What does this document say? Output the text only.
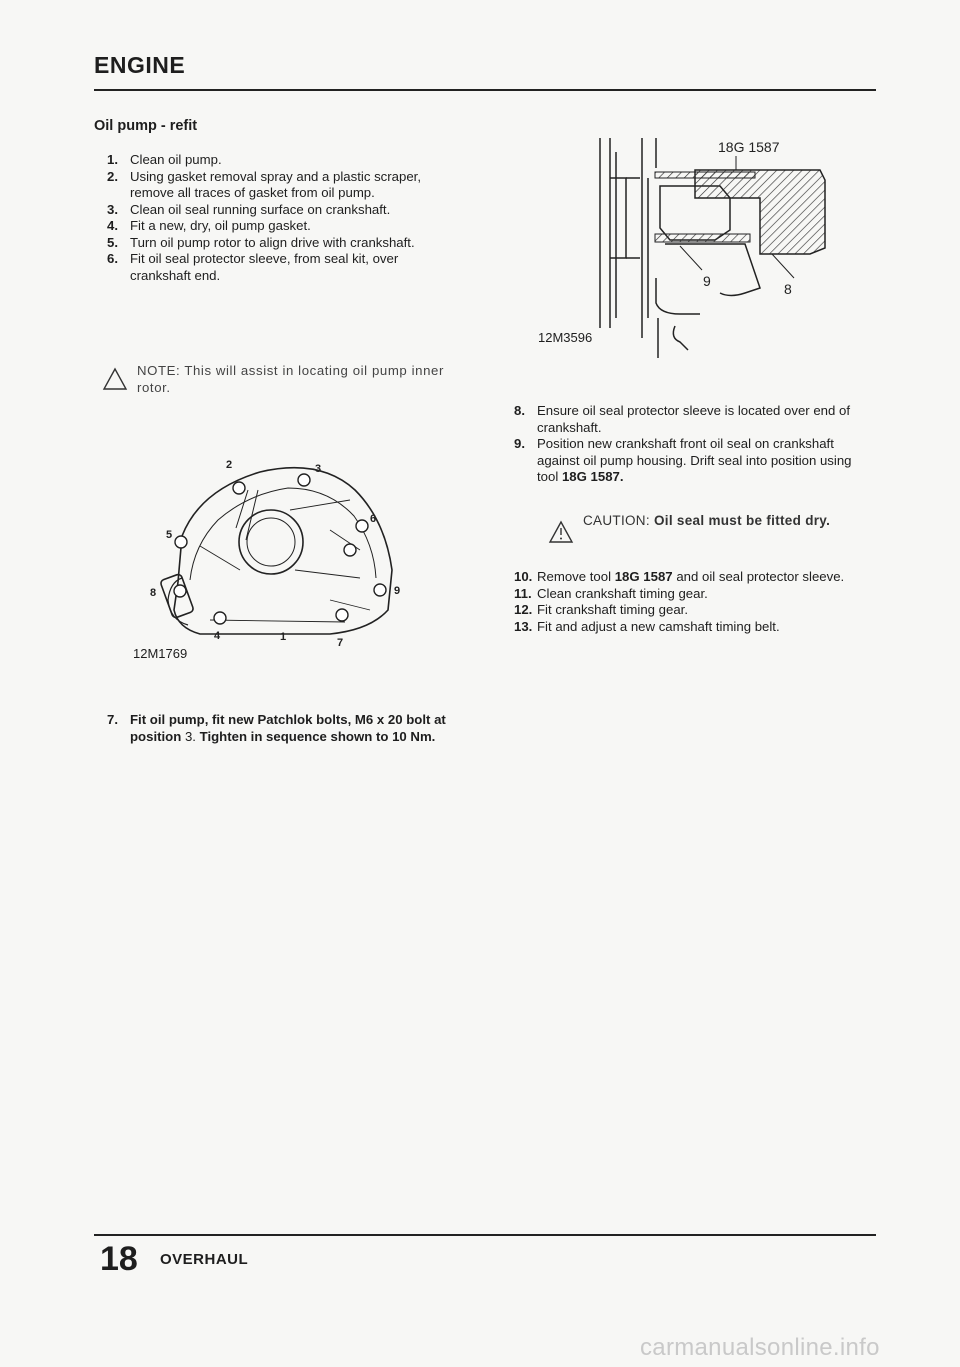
ENGINE
Oil pump - refit
1. Clean oil pump.
2. Using gasket removal spray and a plastic scraper, remove all traces of gasket from oil pump.
3. Clean oil seal running surface on crankshaft.
4. Fit a new, dry, oil pump gasket.
5. Turn oil pump rotor to align drive with crankshaft.
6. Fit oil seal protector sleeve, from seal kit, over crankshaft end.
NOTE: This will assist in locating oil pump inner rotor.
1
2	3
4
5
6
7
8	9
12M1769
7. Fit oil pump, fit new Patchlok bolts, M6 x 20 bolt at position 3. Tighten in sequence shown to 10 Nm.
18G 1587
9	8
12M3596
8. Ensure oil seal protector sleeve is located over end of crankshaft.
9. Position new crankshaft front oil seal on crankshaft against oil pump housing. Drift seal into position using tool 18G 1587.
CAUTION: Oil seal must be fitted dry.
10. Remove tool 18G 1587 and oil seal protector sleeve.
11. Clean crankshaft timing gear.
12. Fit crankshaft timing gear.
13. Fit and adjust a new camshaft timing belt.
18 OVERHAUL
carmanualsonline.info
